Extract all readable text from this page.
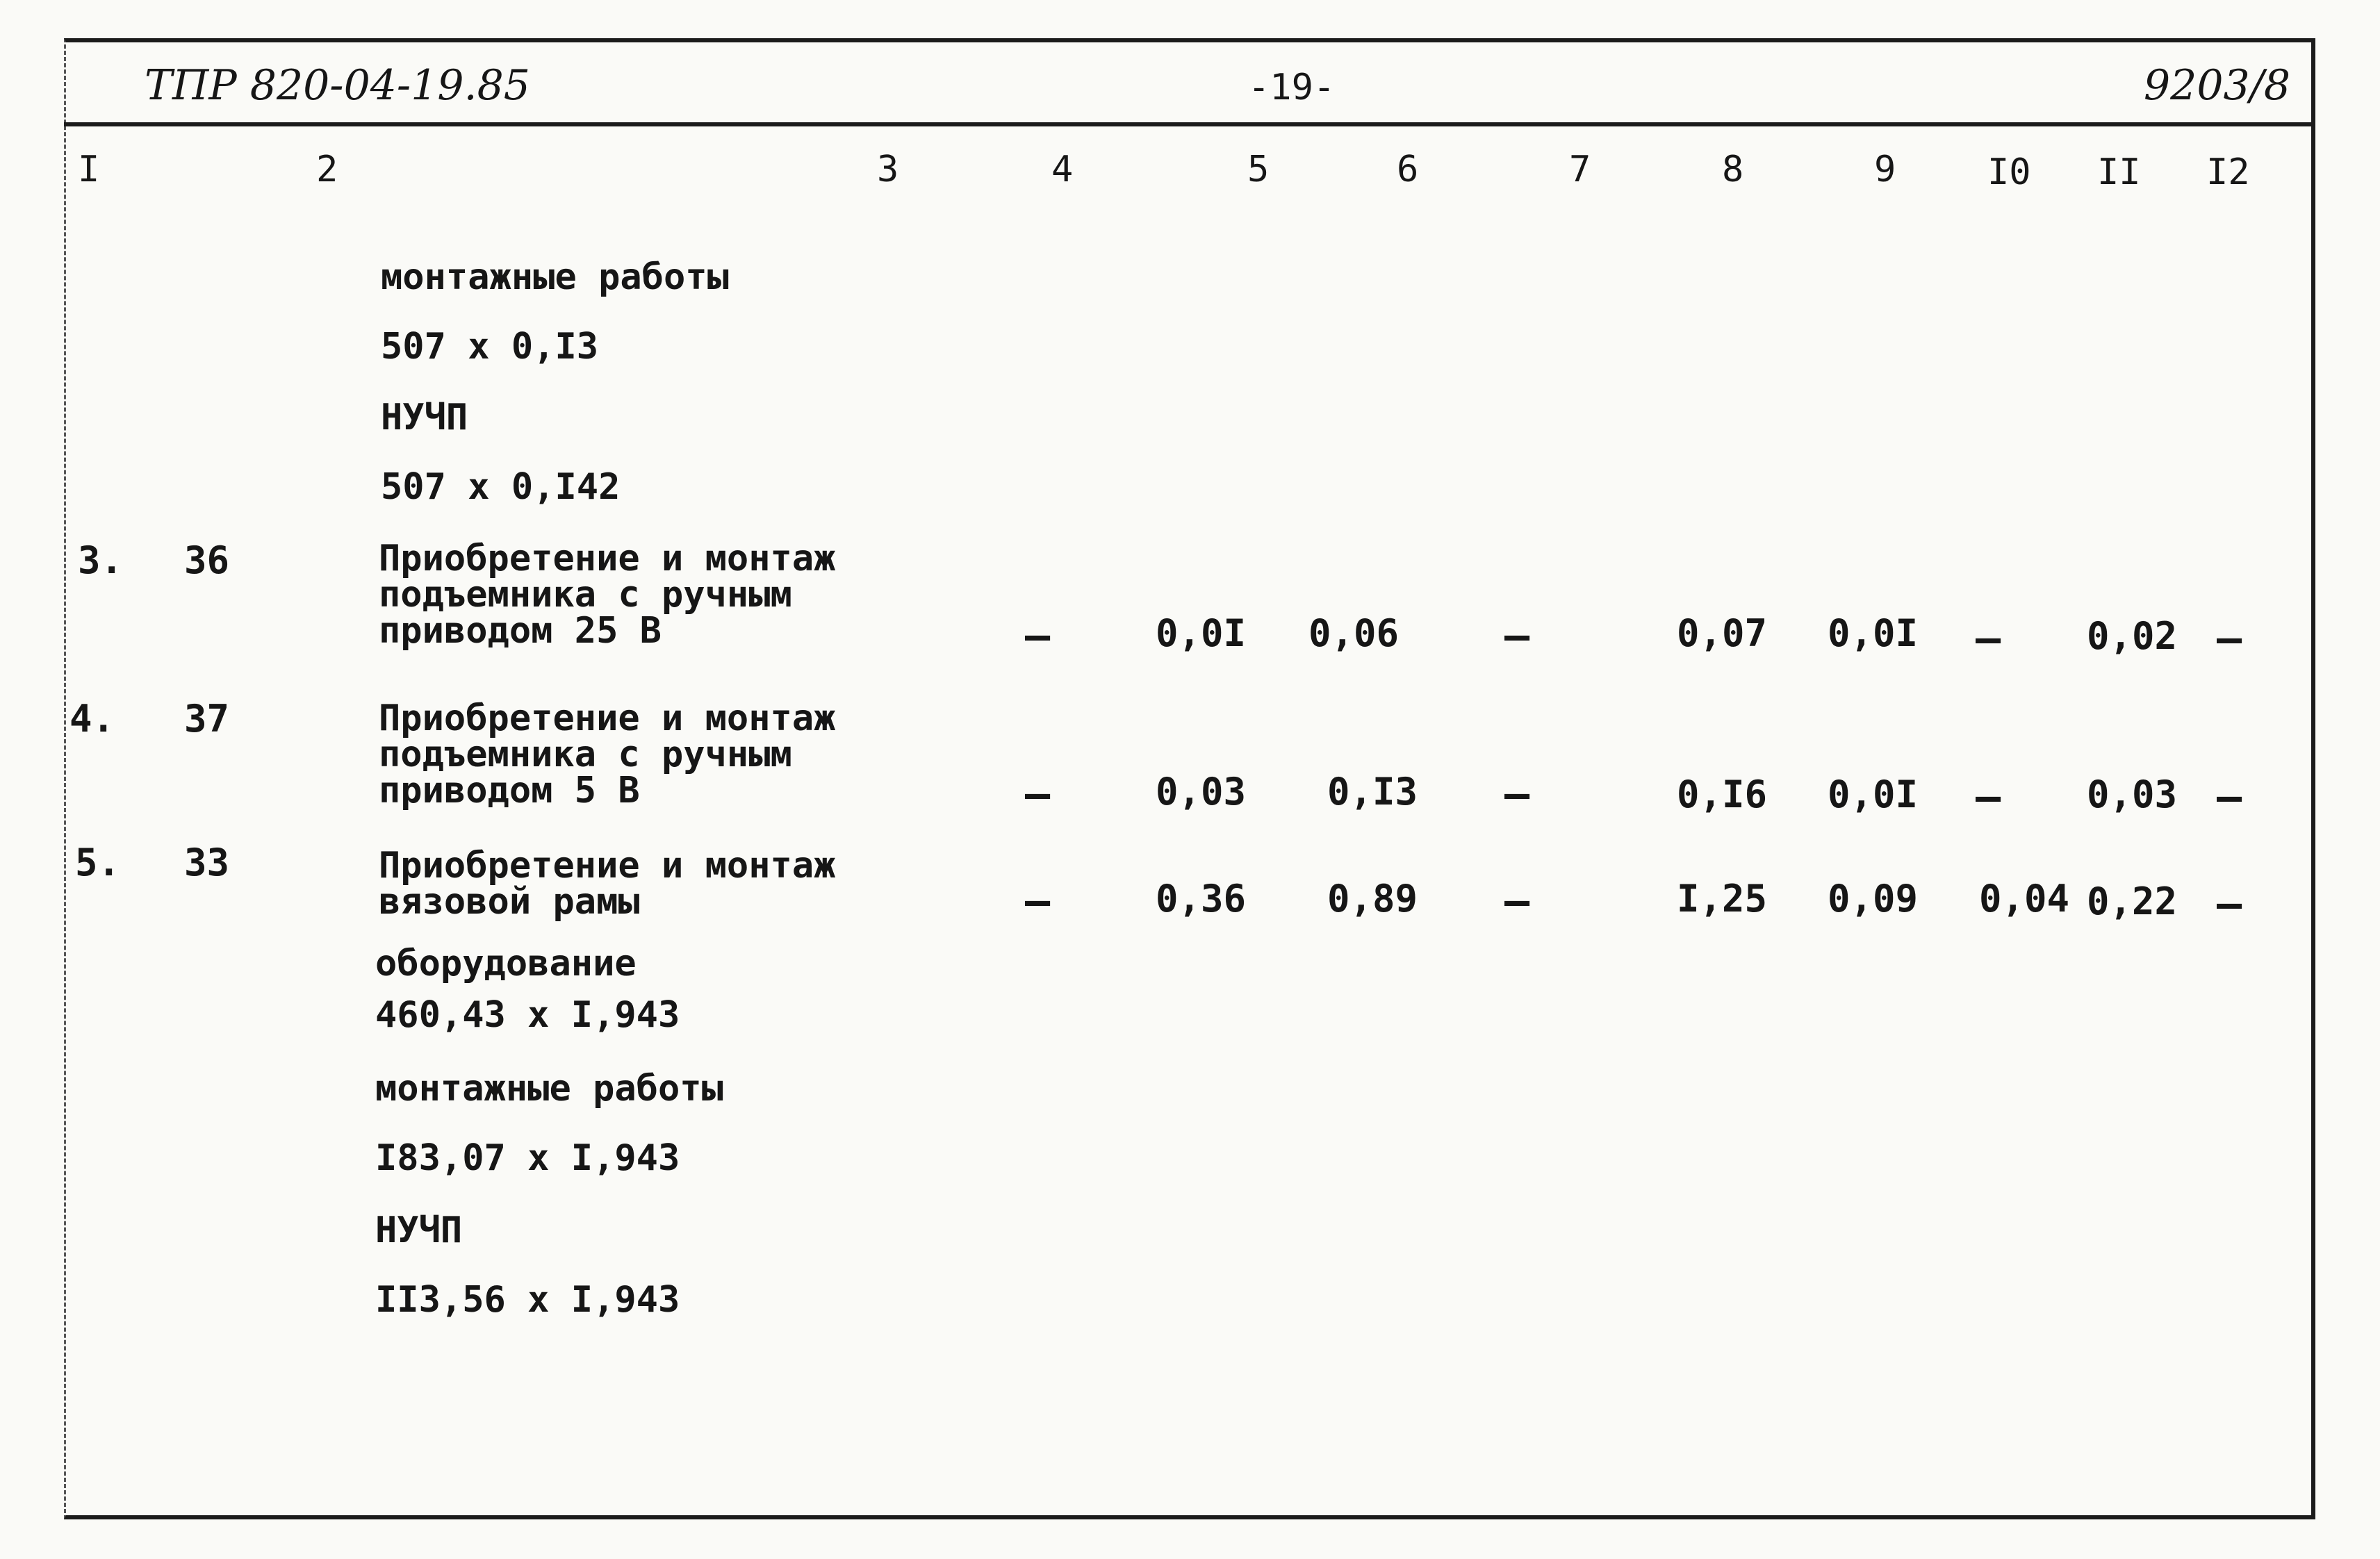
ТПР 820-04-19.85	-19-	9203/8
I	2	3	4	5	6	7	8	9	I0 II I2
монтажные работы
507 x 0,I3
НУЧП
507 x 0,I42
3. 36	Приобретение и монтаж
подъемника с ручным
приводом 25 В	–	0,0I 0,06	–	0,07 0,0I – 0,02 –
4. 37	Приобретение и монтаж
подъемника с ручным
приводом 5 В	–	0,03 0,I3 –	0,I6 0,0I – 0,03 –
5. 33	Приобретение и монтаж
вязовой рамы	–	0,36 0,89 –	I,25 0,09 0,04 0,22 –
оборудование
460,43 x I,943
монтажные работы
I83,07 x I,943
НУЧП
II3,56 x I,943
